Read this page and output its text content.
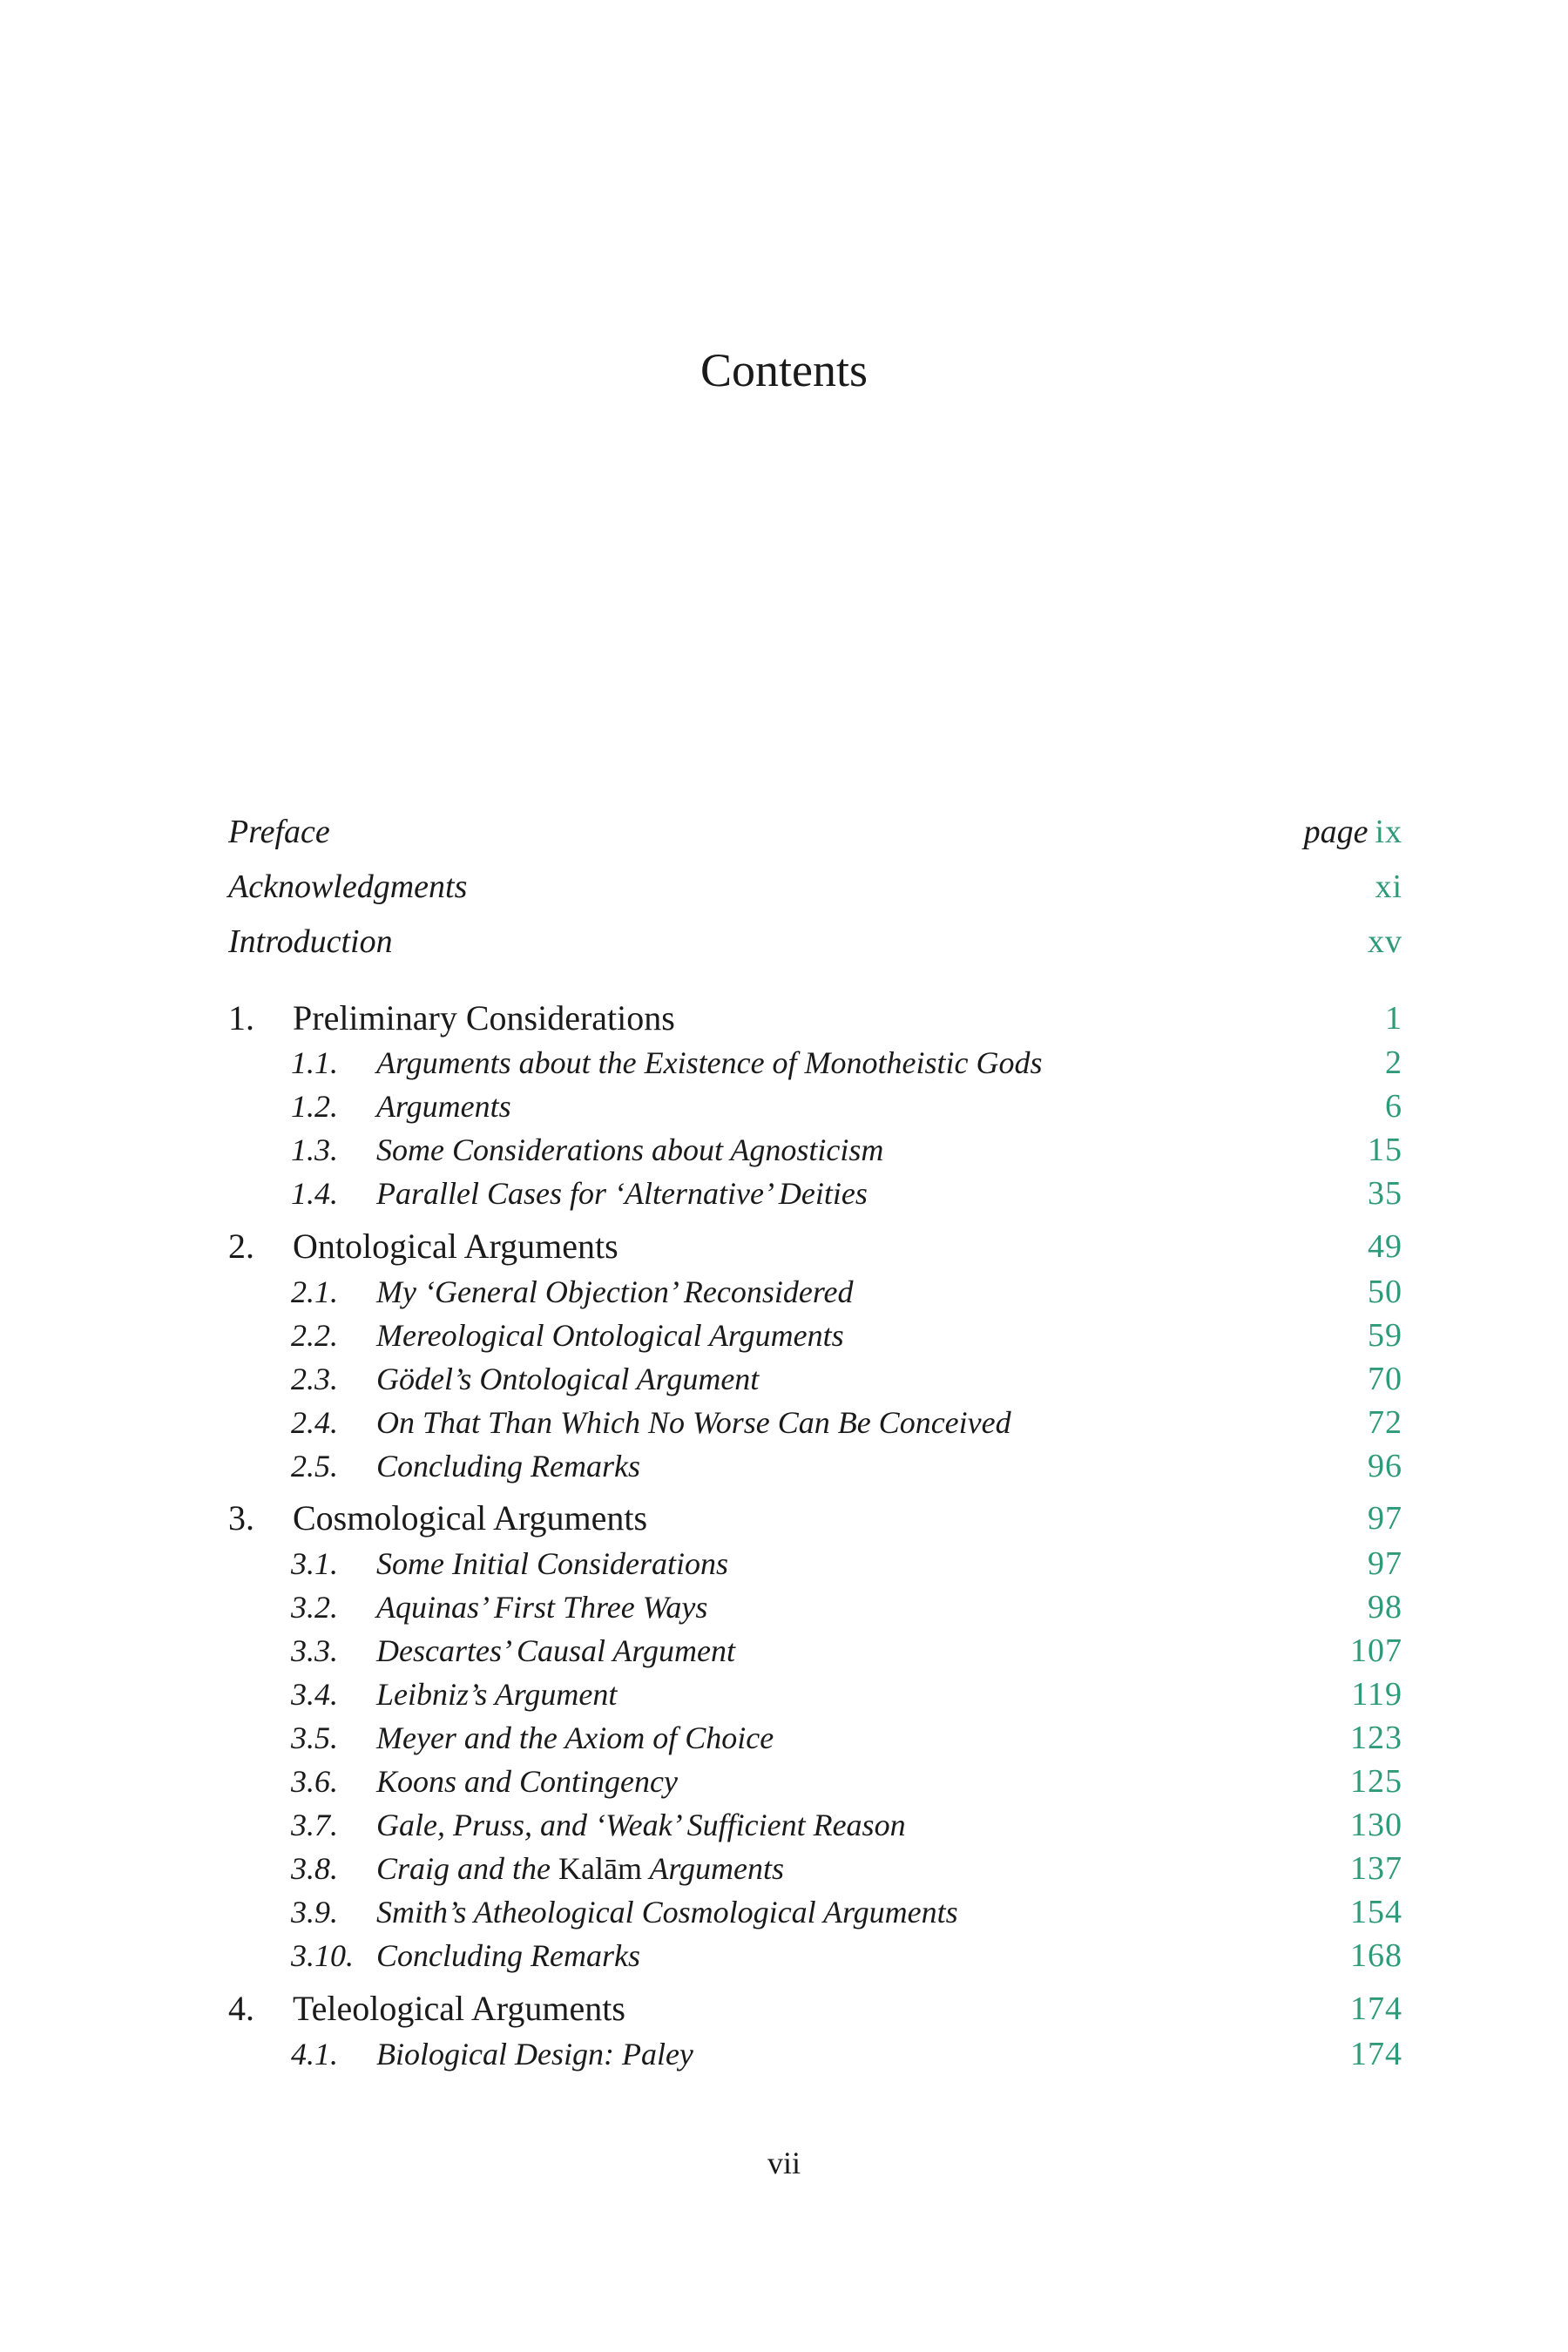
Contents
Preface	page ix
Acknowledgments	xi
Introduction	xv
1. Preliminary Considerations	1
1.1. Arguments about the Existence of Monotheistic Gods	2
1.2. Arguments	6
1.3. Some Considerations about Agnosticism	15
1.4. Parallel Cases for ‘Alternative’ Deities	35
2. Ontological Arguments	49
2.1. My ‘General Objection’ Reconsidered	50
2.2. Mereological Ontological Arguments	59
2.3. Gödel’s Ontological Argument	70
2.4. On That Than Which No Worse Can Be Conceived	72
2.5. Concluding Remarks	96
3. Cosmological Arguments	97
3.1. Some Initial Considerations	97
3.2. Aquinas’ First Three Ways	98
3.3. Descartes’ Causal Argument	107
3.4. Leibniz’s Argument	119
3.5. Meyer and the Axiom of Choice	123
3.6. Koons and Contingency	125
3.7. Gale, Pruss, and ‘Weak’ Sufficient Reason	130
3.8. Craig and the Kalām Arguments	137
3.9. Smith’s Atheological Cosmological Arguments	154
3.10. Concluding Remarks	168
4. Teleological Arguments	174
4.1. Biological Design: Paley	174
vii
